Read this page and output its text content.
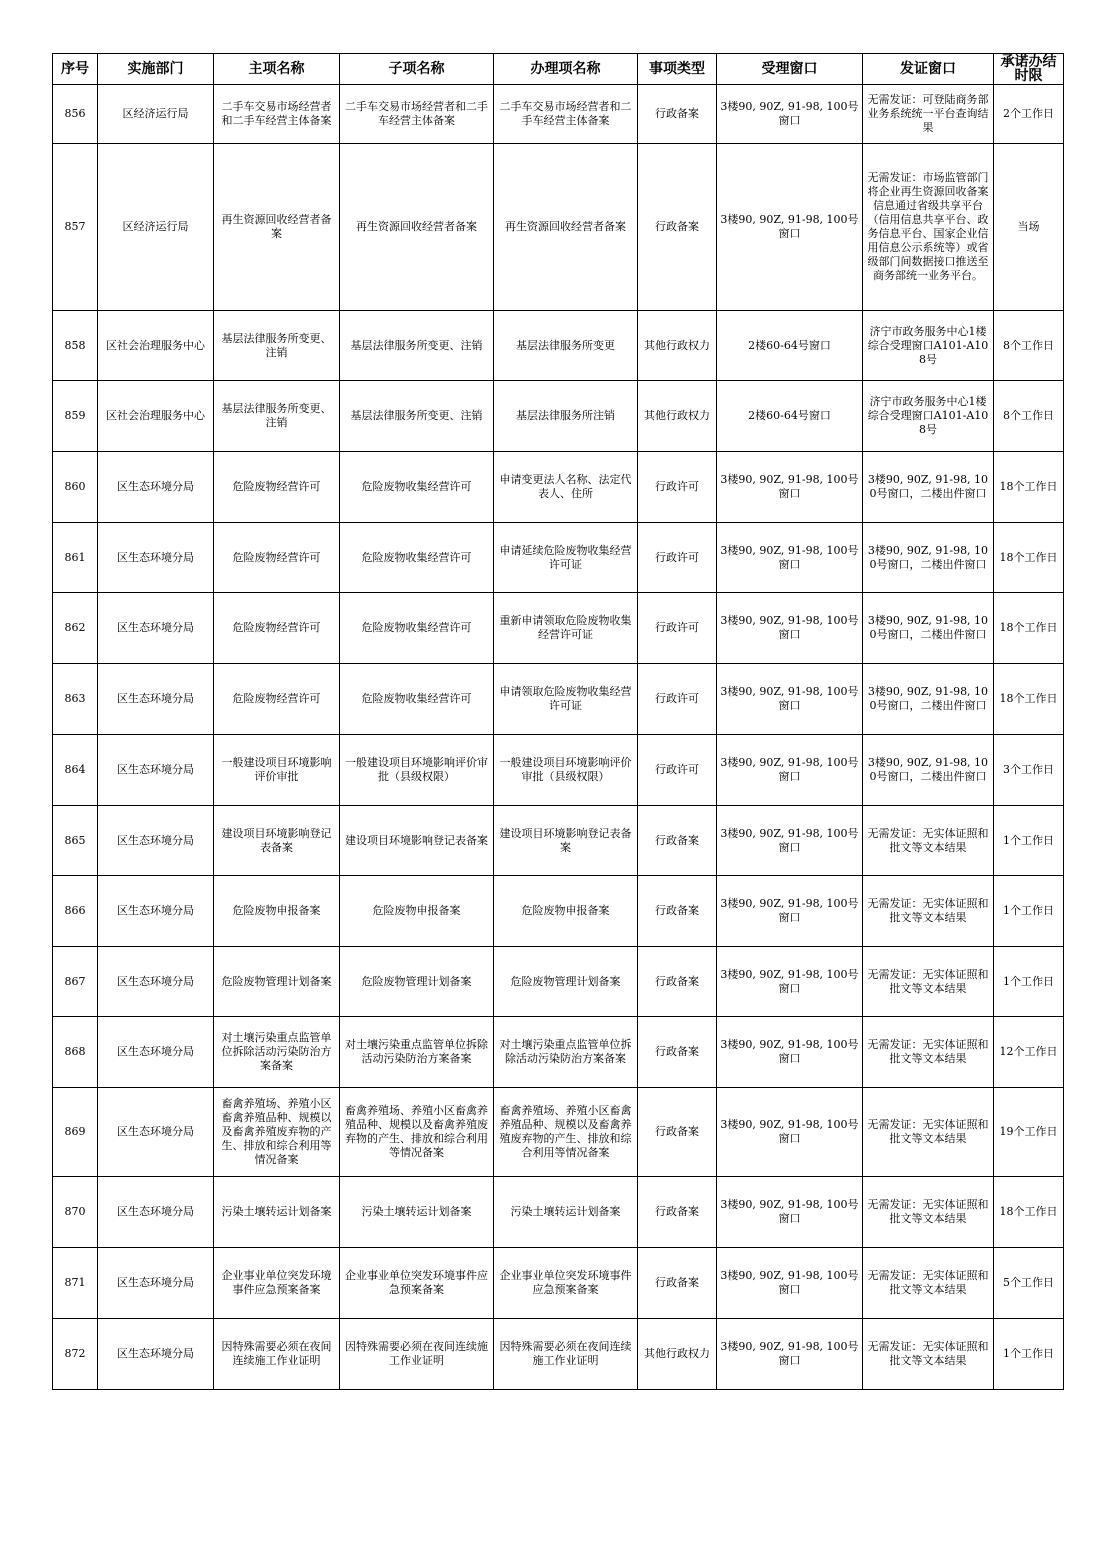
序号	实施部门	主项名称	子项名称	办理项名称	事项类型	受理窗口	发证窗口	承诺办结时限
856	区经济运行局	二手车交易市场经营者和二手车经营主体备案	二手车交易市场经营者和二手车经营主体备案	二手车交易市场经营者和二手车经营主体备案	行政备案	3楼90, 90Z, 91-98, 100号窗口	无需发证：可登陆商务部业务系统统一平台查询结果	2个工作日
857	区经济运行局	再生资源回收经营者备案	再生资源回收经营者备案	再生资源回收经营者备案	行政备案	3楼90, 90Z, 91-98, 100号窗口	无需发证：市场监管部门将企业再生资源回收备案信息通过省级共享平台（信用信息共享平台、政务信息平台、国家企业信用信息公示系统等）或省级部门间数据接口推送至商务部统一业务平台。	当场
858	区社会治理服务中心	基层法律服务所变更、注销	基层法律服务所变更、注销	基层法律服务所变更	其他行政权力	2楼60-64号窗口	济宁市政务服务中心1楼综合受理窗口A101-A108号	8个工作日
859	区社会治理服务中心	基层法律服务所变更、注销	基层法律服务所变更、注销	基层法律服务所注销	其他行政权力	2楼60-64号窗口	济宁市政务服务中心1楼综合受理窗口A101-A108号	8个工作日
860	区生态环境分局	危险废物经营许可	危险废物收集经营许可	申请变更法人名称、法定代表人、住所	行政许可	3楼90, 90Z, 91-98, 100号窗口	3楼90, 90Z, 91-98, 100号窗口，二楼出件窗口	18个工作日
861	区生态环境分局	危险废物经营许可	危险废物收集经营许可	申请延续危险废物收集经营许可证	行政许可	3楼90, 90Z, 91-98, 100号窗口	3楼90, 90Z, 91-98, 100号窗口，二楼出件窗口	18个工作日
862	区生态环境分局	危险废物经营许可	危险废物收集经营许可	重新申请领取危险废物收集经营许可证	行政许可	3楼90, 90Z, 91-98, 100号窗口	3楼90, 90Z, 91-98, 100号窗口，二楼出件窗口	18个工作日
863	区生态环境分局	危险废物经营许可	危险废物收集经营许可	申请领取危险废物收集经营许可证	行政许可	3楼90, 90Z, 91-98, 100号窗口	3楼90, 90Z, 91-98, 100号窗口，二楼出件窗口	18个工作日
864	区生态环境分局	一般建设项目环境影响评价审批	一般建设项目环境影响评价审批（县级权限）	一般建设项目环境影响评价审批（县级权限）	行政许可	3楼90, 90Z, 91-98, 100号窗口	3楼90, 90Z, 91-98, 100号窗口，二楼出件窗口	3个工作日
865	区生态环境分局	建设项目环境影响登记表备案	建设项目环境影响登记表备案	建设项目环境影响登记表备案	行政备案	3楼90, 90Z, 91-98, 100号窗口	无需发证：无实体证照和批文等文本结果	1个工作日
866	区生态环境分局	危险废物申报备案	危险废物申报备案	危险废物申报备案	行政备案	3楼90, 90Z, 91-98, 100号窗口	无需发证：无实体证照和批文等文本结果	1个工作日
867	区生态环境分局	危险废物管理计划备案	危险废物管理计划备案	危险废物管理计划备案	行政备案	3楼90, 90Z, 91-98, 100号窗口	无需发证：无实体证照和批文等文本结果	1个工作日
868	区生态环境分局	对土壤污染重点监管单位拆除活动污染防治方案备案	对土壤污染重点监管单位拆除活动污染防治方案备案	对土壤污染重点监管单位拆除活动污染防治方案备案	行政备案	3楼90, 90Z, 91-98, 100号窗口	无需发证：无实体证照和批文等文本结果	12个工作日
869	区生态环境分局	畜禽养殖场、养殖小区畜禽养殖品种、规模以及畜禽养殖废弃物的产生、排放和综合利用等情况备案	畜禽养殖场、养殖小区畜禽养殖品种、规模以及畜禽养殖废弃物的产生、排放和综合利用等情况备案	畜禽养殖场、养殖小区畜禽养殖品种、规模以及畜禽养殖废弃物的产生、排放和综合利用等情况备案	行政备案	3楼90, 90Z, 91-98, 100号窗口	无需发证：无实体证照和批文等文本结果	19个工作日
870	区生态环境分局	污染土壤转运计划备案	污染土壤转运计划备案	污染土壤转运计划备案	行政备案	3楼90, 90Z, 91-98, 100号窗口	无需发证：无实体证照和批文等文本结果	18个工作日
871	区生态环境分局	企业事业单位突发环境事件应急预案备案	企业事业单位突发环境事件应急预案备案	企业事业单位突发环境事件应急预案备案	行政备案	3楼90, 90Z, 91-98, 100号窗口	无需发证：无实体证照和批文等文本结果	5个工作日
872	区生态环境分局	因特殊需要必须在夜间连续施工作业证明	因特殊需要必须在夜间连续施工作业证明	因特殊需要必须在夜间连续施工作业证明	其他行政权力	3楼90, 90Z, 91-98, 100号窗口	无需发证：无实体证照和批文等文本结果	1个工作日
